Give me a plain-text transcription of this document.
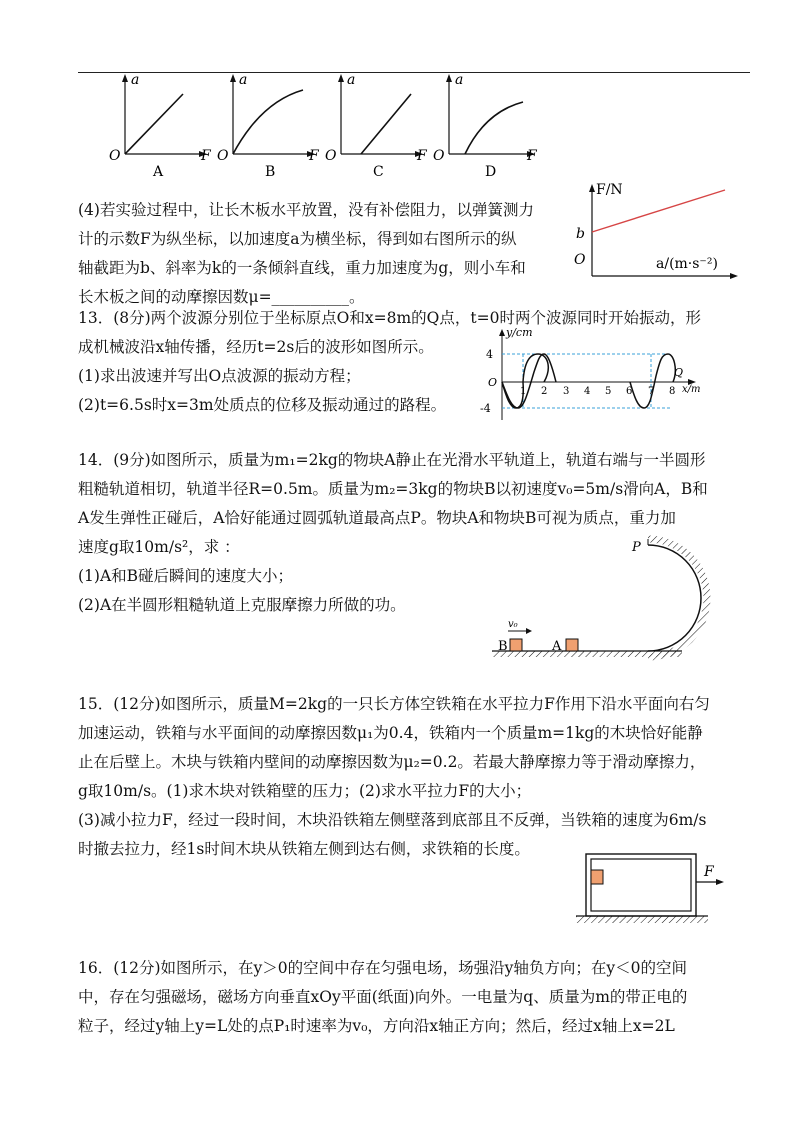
a
O	F
A
a
O	F
B
a
O	F
C
a
O	F
D
(4)若实验过程中，让长木板水平放置，没有补偿阻力，以弹簧测力
计的示数F为纵坐标，以加速度a为横坐标，得到如右图所示的纵
轴截距为b、斜率为k的一条倾斜直线，重力加速度为g，则小车和
长木板之间的动摩擦因数μ=__________。
F/N
b
O	a/(m·s⁻²)
13．(8分)两个波源分别位于坐标原点O和x=8m的Q点，t=0时两个波源同时开始振动，形
成机械波沿x轴传播，经历t=2s后的波形如图所示。
(1)求出波速并写出O点波源的振动方程；
(2)t=6.5s时x=3m处质点的位移及振动通过的路程。
y/cm
4
-4
O
1 2 3 4 5 6 7 8
Q
x/m
14．(9分)如图所示，质量为m₁=2kg的物块A静止在光滑水平轨道上，轨道右端与一半圆形
粗糙轨道相切，轨道半径R=0.5m。质量为m₂=3kg的物块B以初速度v₀=5m/s滑向A，B和
A发生弹性正碰后，A恰好能通过圆弧轨道最高点P。物块A和物块B可视为质点，重力加
速度g取10m/s²，求 ：
(1)A和B碰后瞬间的速度大小；
(2)A在半圆形粗糙轨道上克服摩擦力所做的功。
P
B	A
v₀
15．(12分)如图所示，质量M=2kg的一只长方体空铁箱在水平拉力F作用下沿水平面向右匀
加速运动，铁箱与水平面间的动摩擦因数μ₁为0.4，铁箱内一个质量m=1kg的木块恰好能静
止在后壁上。木块与铁箱内壁间的动摩擦因数为μ₂=0.2。若最大静摩擦力等于滑动摩擦力，
g取10m/s。(1)求木块对铁箱壁的压力；(2)求水平拉力F的大小；
(3)减小拉力F，经过一段时间，木块沿铁箱左侧壁落到底部且不反弹，当铁箱的速度为6m/s
时撤去拉力，经1s时间木块从铁箱左侧到达右侧，求铁箱的长度。
F
16．(12分)如图所示，在y＞0的空间中存在匀强电场，场强沿y轴负方向；在y＜0的空间
中，存在匀强磁场，磁场方向垂直xOy平面(纸面)向外。一电量为q、质量为m的带正电的
粒子，经过y轴上y=L处的点P₁时速率为v₀，方向沿x轴正方向；然后，经过x轴上x=2L
